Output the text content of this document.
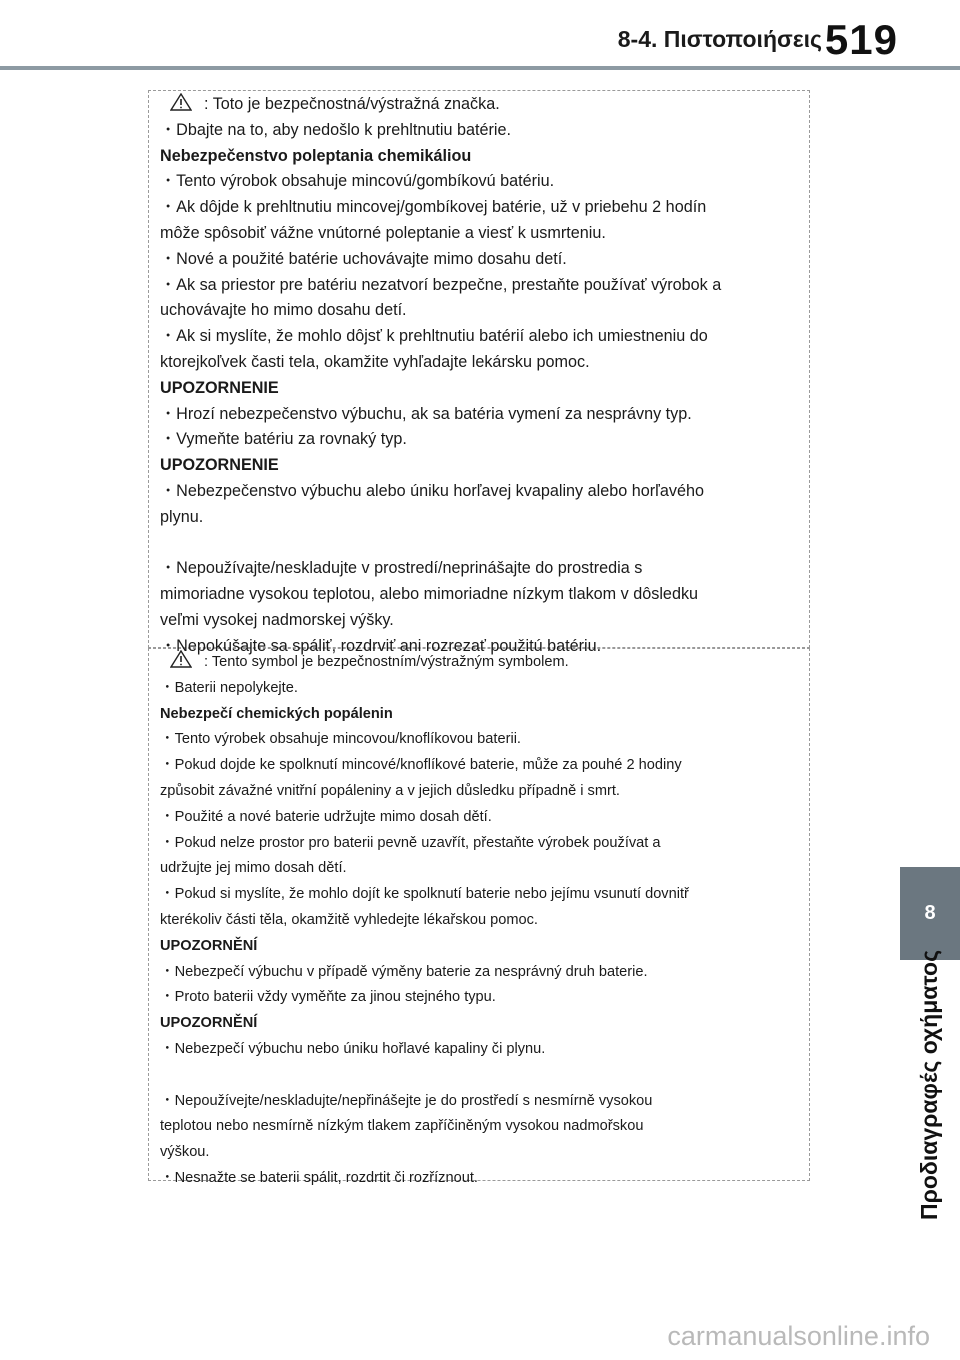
8-4. Πιστοποιήσεις 519
8
Προδιαγραφές οχήματος
: Toto je bezpečnostná/výstražná značka.
・Dbajte na to, aby nedošlo k prehltnutiu batérie.
Nebezpečenstvo poleptania chemikáliou
・Tento výrobok obsahuje mincovú/gombíkovú batériu.
・Ak dôjde k prehltnutiu mincovej/gombíkovej batérie, už v priebehu 2 hodín
môže spôsobiť vážne vnútorné poleptanie a viesť k usmrteniu.
・Nové a použité batérie uchovávajte mimo dosahu detí.
・Ak sa priestor pre batériu nezatvorí bezpečne, prestaňte používať výrobok a
uchovávajte ho mimo dosahu detí.
・Ak si myslíte, že mohlo dôjsť k prehltnutiu batérií alebo ich umiestneniu do
ktorejkoľvek časti tela, okamžite vyhľadajte lekársku pomoc.
UPOZORNENIE
・Hrozí nebezpečenstvo výbuchu, ak sa batéria vymení za nesprávny typ.
・Vymeňte batériu za rovnaký typ.
UPOZORNENIE
・Nebezpečenstvo výbuchu alebo úniku horľavej kvapaliny alebo horľavého
plynu.
・Nepoužívajte/neskladujte v prostredí/neprinášajte do prostredia s
mimoriadne vysokou teplotou, alebo mimoriadne nízkym tlakom v dôsledku
veľmi vysokej nadmorskej výšky.
・Nepokúšajte sa spáliť, rozdrviť ani rozrezať použitú batériu.
: Tento symbol je bezpečnostním/výstražným symbolem.
・Baterii nepolykejte.
Nebezpečí chemických popálenin
・Tento výrobek obsahuje mincovou/knoflíkovou baterii.
・Pokud dojde ke spolknutí mincové/knoflíkové baterie, může za pouhé 2 hodiny
způsobit závažné vnitřní popáleniny a v jejich důsledku případně i smrt.
・Použité a nové baterie udržujte mimo dosah dětí.
・Pokud nelze prostor pro baterii pevně uzavřít, přestaňte výrobek používat a
udržujte jej mimo dosah dětí.
・Pokud si myslíte, že mohlo dojít ke spolknutí baterie nebo jejímu vsunutí dovnitř
kterékoliv části těla, okamžitě vyhledejte lékařskou pomoc.
UPOZORNĚNÍ
・Nebezpečí výbuchu v případě výměny baterie za nesprávný druh baterie.
・Proto baterii vždy vyměňte za jinou stejného typu.
UPOZORNĚNÍ
・Nebezpečí výbuchu nebo úniku hořlavé kapaliny či plynu.
・Nepoužívejte/neskladujte/nepřinášejte je do prostředí s nesmírně vysokou
teplotou nebo nesmírně nízkým tlakem zapříčiněným vysokou nadmořskou
výškou.
・Nesnažte se baterii spálit, rozdrtit či rozříznout.
carmanualsonline.info
